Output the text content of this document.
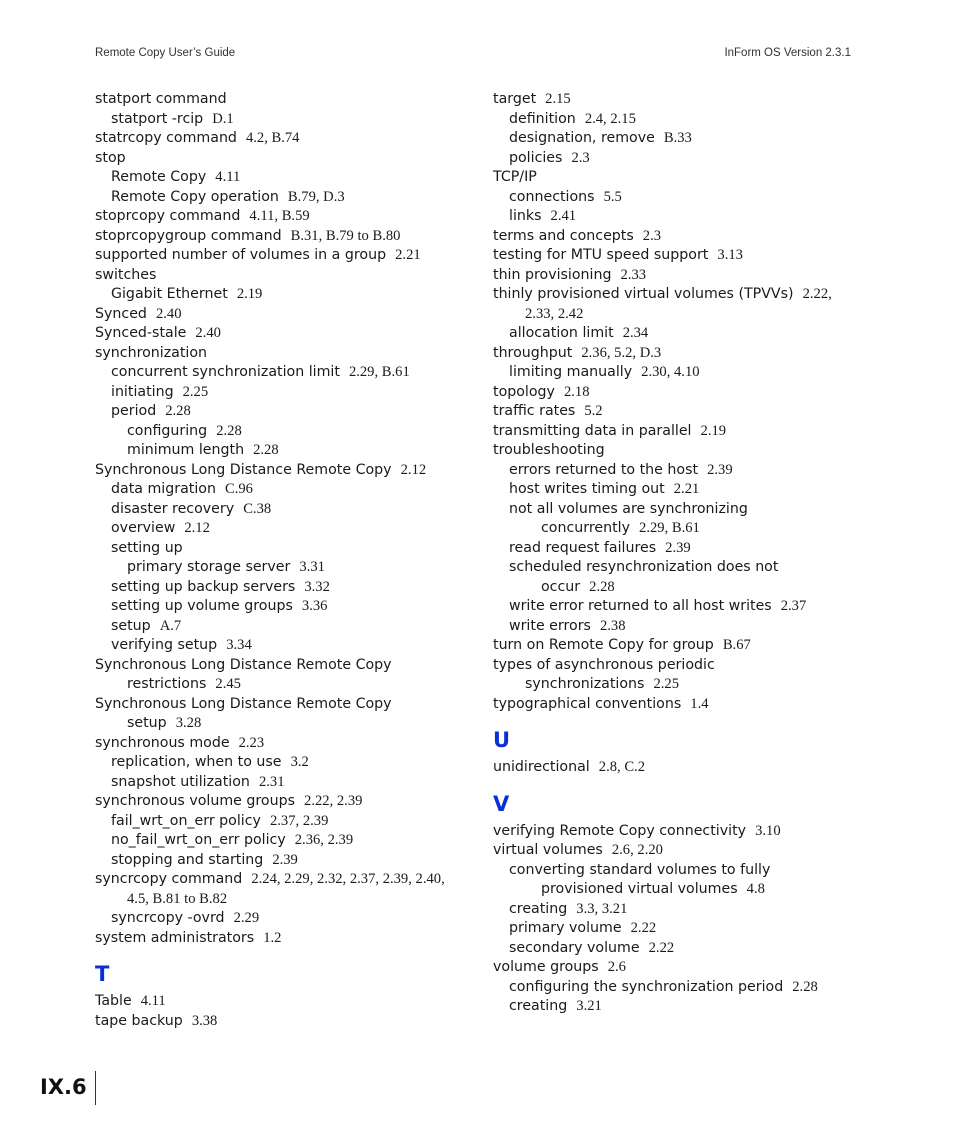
Remote Copy User’s Guide	InForm OS Version 2.3.1
statport command
statport -rcip D.1
statrcopy command 4.2, B.74
stop
Remote Copy 4.11
Remote Copy operation B.79, D.3
stoprcopy command 4.11, B.59
stoprcopygroup command B.31, B.79 to B.80
supported number of volumes in a group 2.21
switches
Gigabit Ethernet 2.19
Synced 2.40
Synced-stale 2.40
synchronization
concurrent synchronization limit 2.29, B.61
initiating 2.25
period 2.28
configuring 2.28
minimum length 2.28
Synchronous Long Distance Remote Copy 2.12
data migration C.96
disaster recovery C.38
overview 2.12
setting up
primary storage server 3.31
setting up backup servers 3.32
setting up volume groups 3.36
setup A.7
verifying setup 3.34
Synchronous Long Distance Remote Copy
restrictions 2.45
Synchronous Long Distance Remote Copy
setup 3.28
synchronous mode 2.23
replication, when to use 3.2
snapshot utilization 2.31
synchronous volume groups 2.22, 2.39
fail_wrt_on_err policy 2.37, 2.39
no_fail_wrt_on_err policy 2.36, 2.39
stopping and starting 2.39
syncrcopy command 2.24, 2.29, 2.32, 2.37, 2.39, 2.40,
4.5, B.81 to B.82
syncrcopy -ovrd 2.29
system administrators 1.2
T
Table 4.11
tape backup 3.38
target 2.15
definition 2.4, 2.15
designation, remove B.33
policies 2.3
TCP/IP
connections 5.5
links 2.41
terms and concepts 2.3
testing for MTU speed support 3.13
thin provisioning 2.33
thinly provisioned virtual volumes (TPVVs) 2.22,
2.33, 2.42
allocation limit 2.34
throughput 2.36, 5.2, D.3
limiting manually 2.30, 4.10
topology 2.18
traffic rates 5.2
transmitting data in parallel 2.19
troubleshooting
errors returned to the host 2.39
host writes timing out 2.21
not all volumes are synchronizing
concurrently 2.29, B.61
read request failures 2.39
scheduled resynchronization does not
occur 2.28
write error returned to all host writes 2.37
write errors 2.38
turn on Remote Copy for group B.67
types of asynchronous periodic
synchronizations 2.25
typographical conventions 1.4
U
unidirectional 2.8, C.2
V
verifying Remote Copy connectivity 3.10
virtual volumes 2.6, 2.20
converting standard volumes to fully
provisioned virtual volumes 4.8
creating 3.3, 3.21
primary volume 2.22
secondary volume 2.22
volume groups 2.6
configuring the synchronization period 2.28
creating 3.21
IX.6
